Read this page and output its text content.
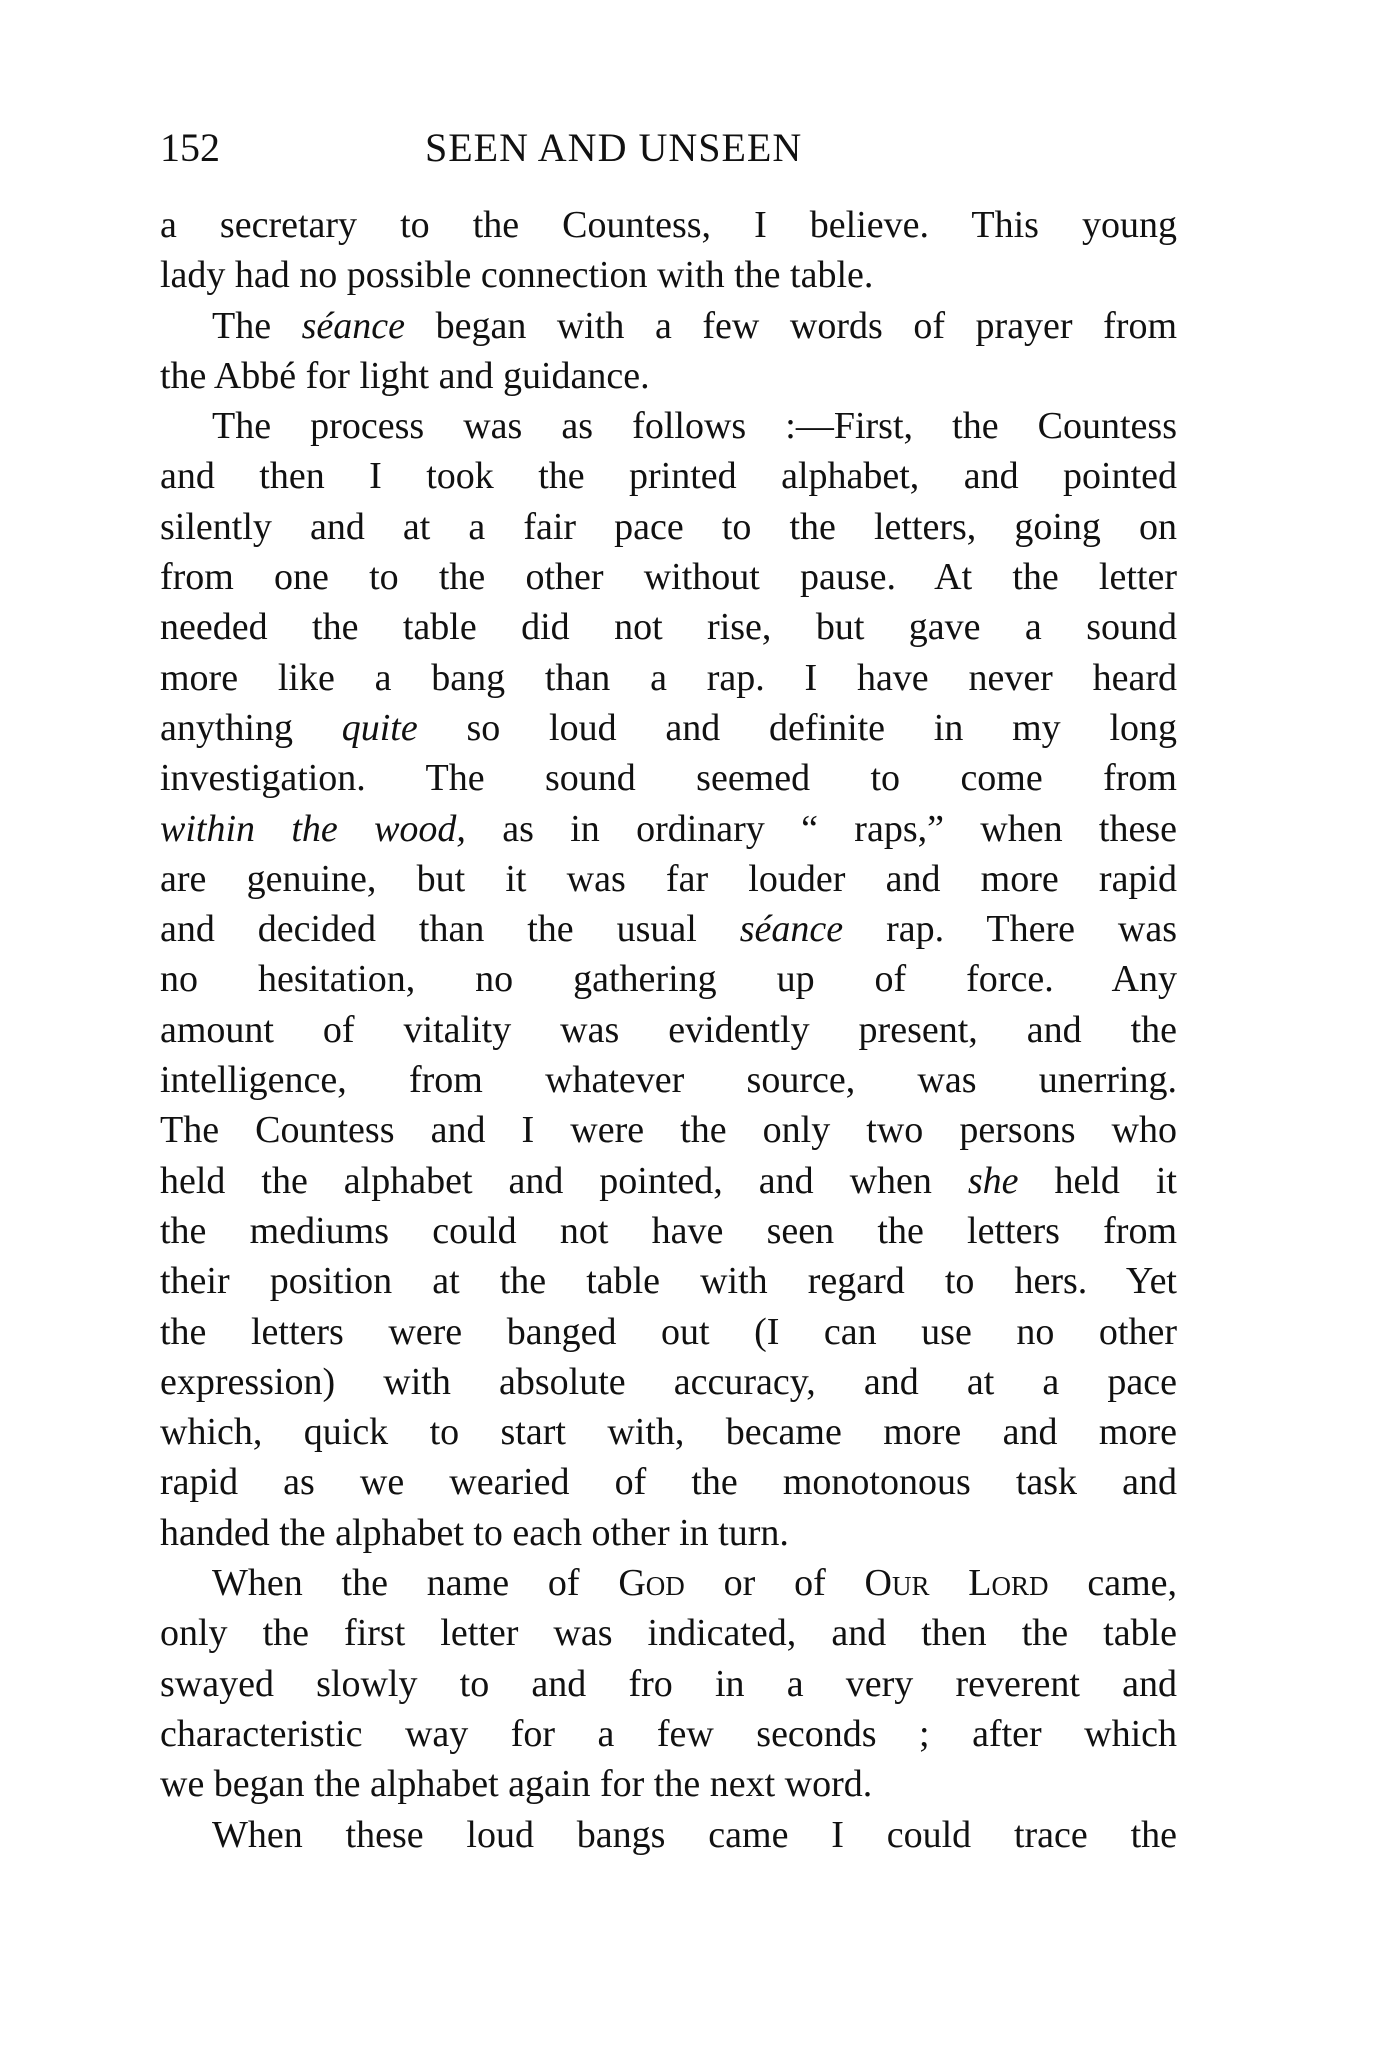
152	SEEN AND UNSEEN
a secretary to the Countess, I believe. This young
lady had no possible connection with the table.
The séance began with a few words of prayer from
the Abbé for light and guidance.
The process was as follows :—First, the Countess
and then I took the printed alphabet, and pointed
silently and at a fair pace to the letters, going on
from one to the other without pause. At the letter
needed the table did not rise, but gave a sound
more like a bang than a rap. I have never heard
anything quite so loud and definite in my long
investigation. The sound seemed to come from
within the wood, as in ordinary “ raps,” when these
are genuine, but it was far louder and more rapid
and decided than the usual séance rap. There was
no hesitation, no gathering up of force. Any
amount of vitality was evidently present, and the
intelligence, from whatever source, was unerring.
The Countess and I were the only two persons who
held the alphabet and pointed, and when she held it
the mediums could not have seen the letters from
their position at the table with regard to hers. Yet
the letters were banged out (I can use no other
expression) with absolute accuracy, and at a pace
which, quick to start with, became more and more
rapid as we wearied of the monotonous task and
handed the alphabet to each other in turn.
When the name of God or of Our Lord came,
only the first letter was indicated, and then the table
swayed slowly to and fro in a very reverent and
characteristic way for a few seconds ; after which
we began the alphabet again for the next word.
When these loud bangs came I could trace the
